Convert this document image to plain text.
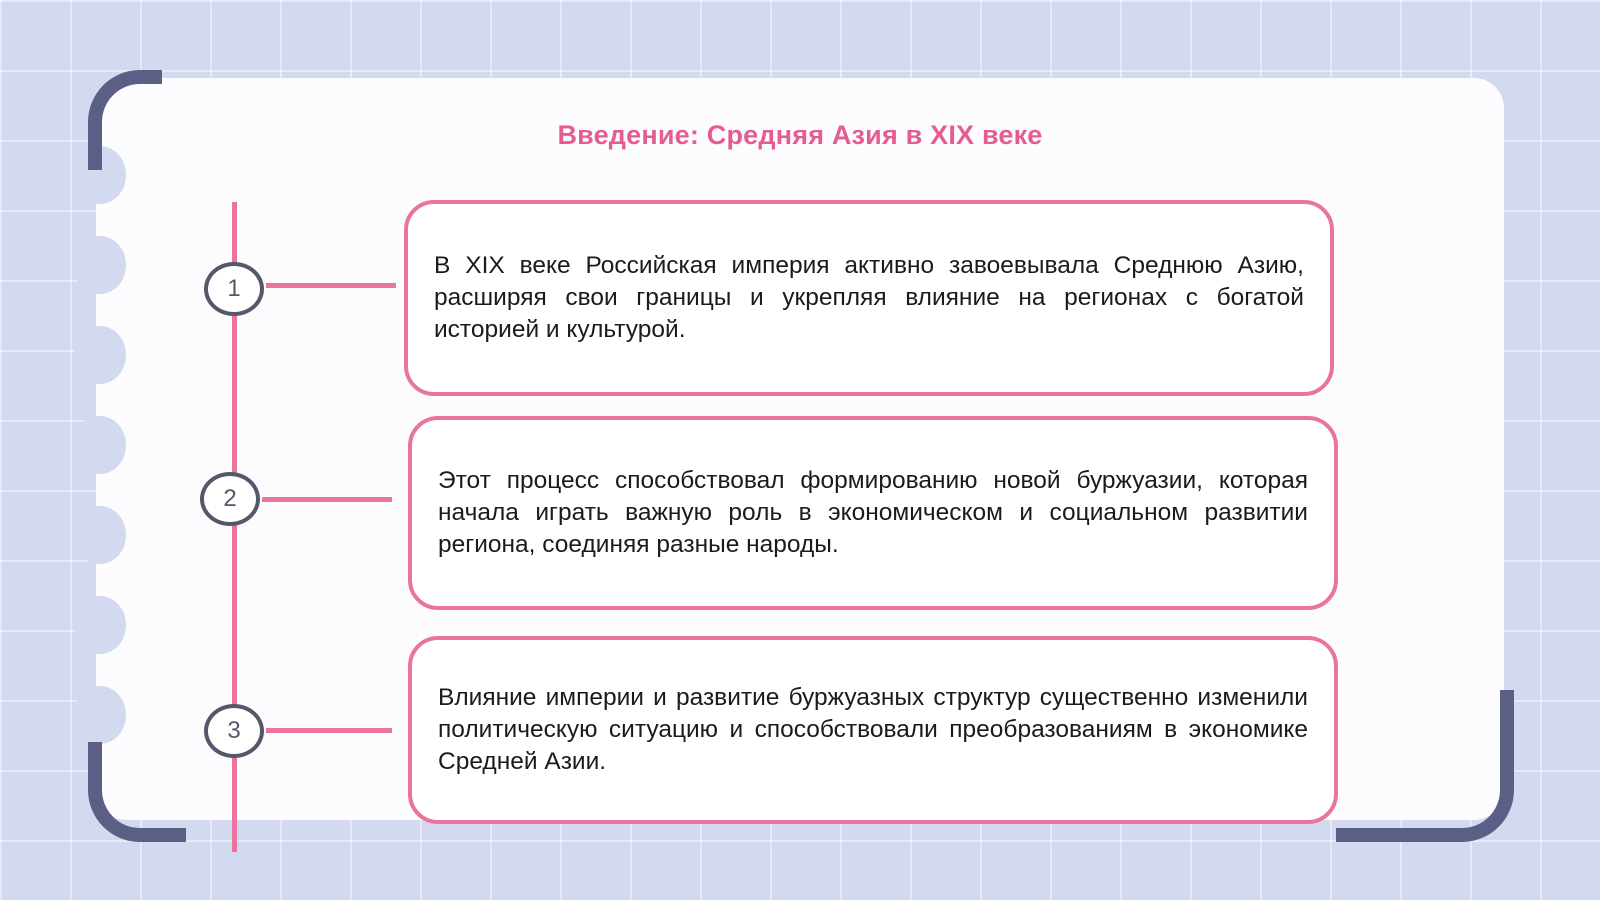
Введение: Средняя Азия в XIX веке
1
В XIX веке Российская империя активно завоевывала Среднюю Азию, расширяя свои границы и укрепляя влияние на регионах с богатой историей и культурой.
2
Этот процесс способствовал формированию новой буржуазии, которая начала играть важную роль в экономическом и социальном развитии региона, соединяя разные народы.
3
Влияние империи и развитие буржуазных структур существенно изменили политическую ситуацию и способствовали преобразованиям в экономике Средней Азии.
